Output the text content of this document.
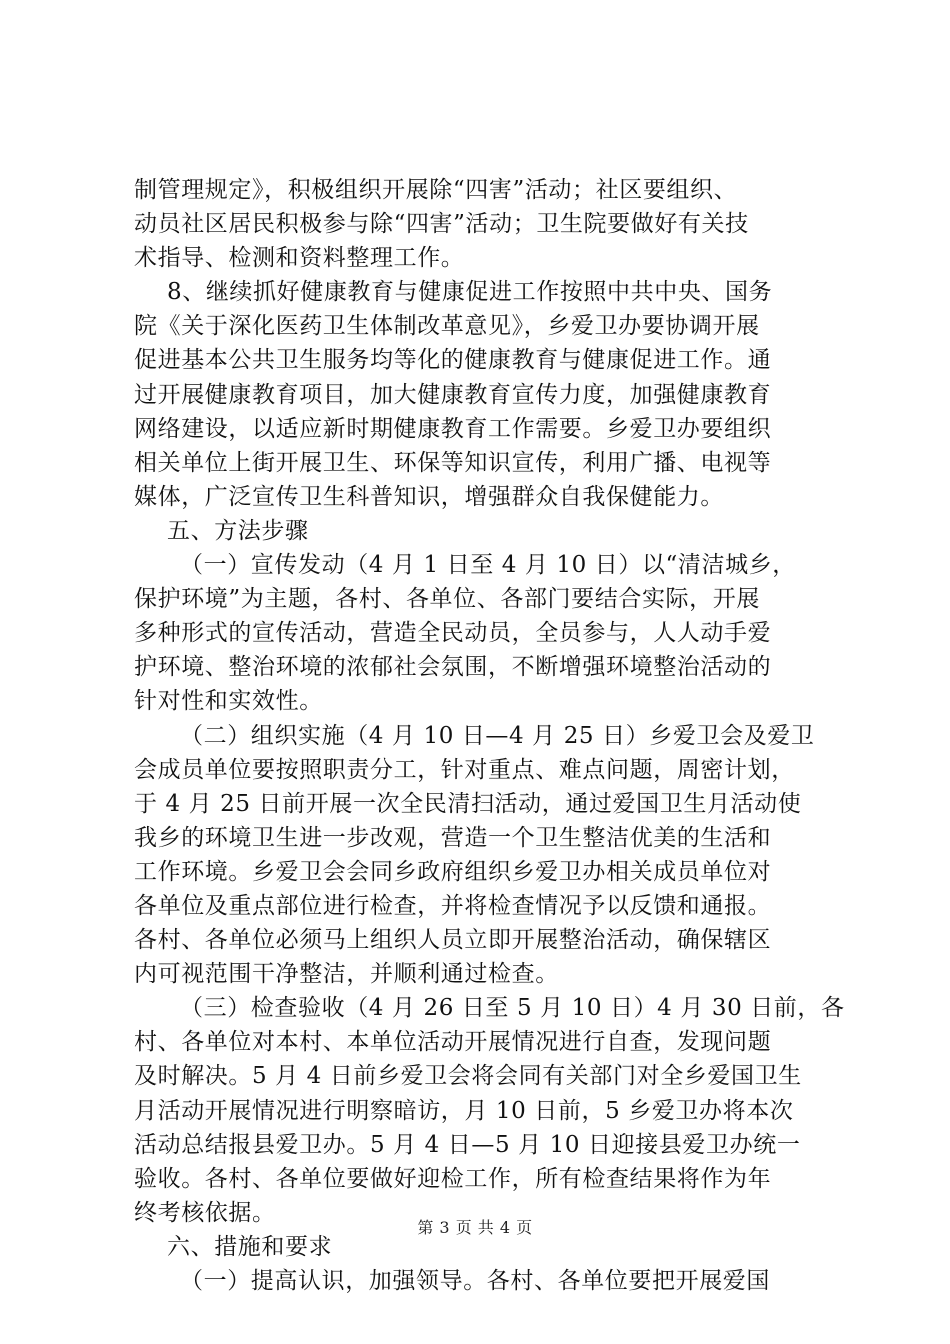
制管理规定》，积极组织开展除“四害”活动；社区要组织、
动员社区居民积极参与除“四害”活动；卫生院要做好有关技
术指导、检测和资料整理工作。
8、继续抓好健康教育与健康促进工作按照中共中央、国务
院《关于深化医药卫生体制改革意见》，乡爱卫办要协调开展
促进基本公共卫生服务均等化的健康教育与健康促进工作。通
过开展健康教育项目，加大健康教育宣传力度，加强健康教育
网络建设，以适应新时期健康教育工作需要。乡爱卫办要组织
相关单位上街开展卫生、环保等知识宣传，利用广播、电视等
媒体，广泛宣传卫生科普知识，增强群众自我保健能力。
五、方法步骤
（一）宣传发动（4 月 1 日至 4 月 10 日）以“清洁城乡，
保护环境”为主题，各村、各单位、各部门要结合实际，开展
多种形式的宣传活动，营造全民动员，全员参与，人人动手爱
护环境、整治环境的浓郁社会氛围，不断增强环境整治活动的
针对性和实效性。
（二）组织实施（4 月 10 日—4 月 25 日）乡爱卫会及爱卫
会成员单位要按照职责分工，针对重点、难点问题，周密计划，
于 4 月 25 日前开展一次全民清扫活动，通过爱国卫生月活动使
我乡的环境卫生进一步改观，营造一个卫生整洁优美的生活和
工作环境。乡爱卫会会同乡政府组织乡爱卫办相关成员单位对
各单位及重点部位进行检查，并将检查情况予以反馈和通报。
各村、各单位必须马上组织人员立即开展整治活动，确保辖区
内可视范围干净整洁，并顺利通过检查。
（三）检查验收（4 月 26 日至 5 月 10 日）4 月 30 日前，各
村、各单位对本村、本单位活动开展情况进行自查，发现问题
及时解决。5 月 4 日前乡爱卫会将会同有关部门对全乡爱国卫生
月活动开展情况进行明察暗访，月 10 日前，5 乡爱卫办将本次
活动总结报县爱卫办。5 月 4 日—5 月 10 日迎接县爱卫办统一
验收。各村、各单位要做好迎检工作，所有检查结果将作为年
终考核依据。
六、措施和要求
（一）提高认识，加强领导。各村、各单位要把开展爱国
第 3 页 共 4 页
